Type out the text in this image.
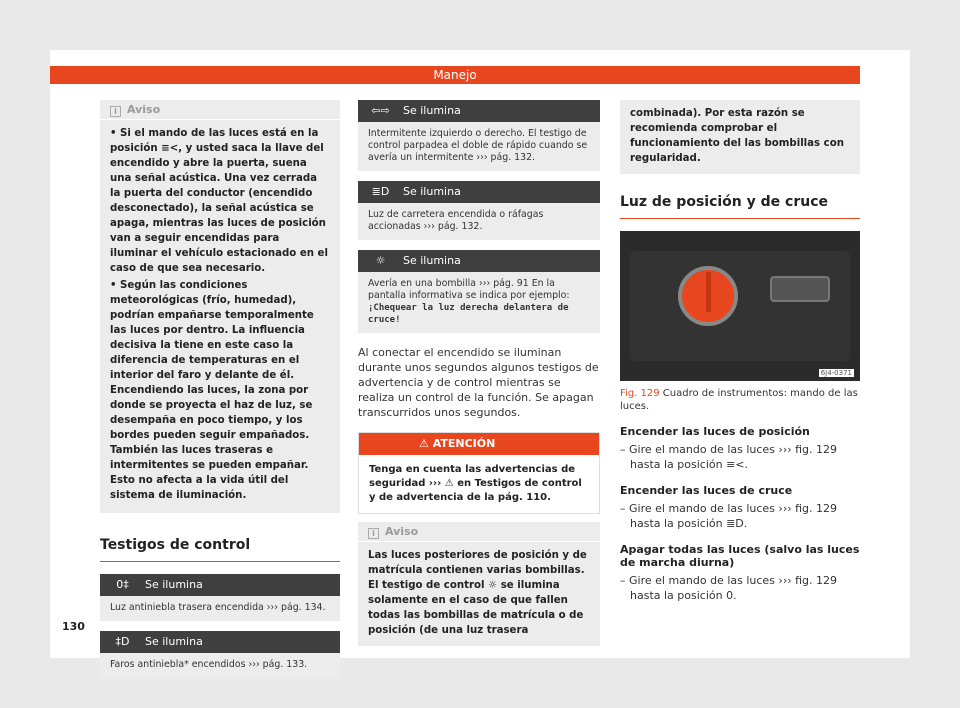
Manejo
i Aviso

• Si el mando de las luces está en la posición ≡<, y usted saca la llave del encendido y abre la puerta, suena una señal acústica. Una vez cerrada la puerta del conductor (encendido desconectado), la señal acústica se apaga, mientras las luces de posición van a seguir encendidas para iluminar el vehículo estacionado en el caso de que sea necesario.

• Según las condiciones meteorológicas (frío, humedad), podrían empañarse temporalmente las luces por dentro. La influencia decisiva la tiene en este caso la diferencia de temperaturas en el interior del faro y delante de él. Encendiendo las luces, la zona por donde se proyecta el haz de luz, se desempaña en poco tiempo, y los bordes pueden seguir empañados. También las luces traseras e intermitentes se pueden empañar. Esto no afecta a la vida útil del sistema de iluminación.

Testigos de control
0‡	Se ilumina
Luz antiniebla trasera encendida ››› pág. 134.
‡D	Se ilumina
Faros antiniebla* encendidos ››› pág. 133.
⇦⇨	Se ilumina
Intermitente izquierdo o derecho. El testigo de control parpadea el doble de rápido cuando se avería un intermitente ››› pág. 132.
≣D	Se ilumina
Luz de carretera encendida o ráfagas accionadas ››› pág. 132.
☼	Se ilumina
Avería en una bombilla ››› pág. 91 En la pantalla informativa se indica por ejemplo:
¡Chequear la luz derecha delantera de cruce!

Al conectar el encendido se iluminan durante unos segundos algunos testigos de advertencia y de control mientras se realiza un control de la función. Se apagan transcurridos unos segundos.

⚠ ATENCIÓN
Tenga en cuenta las advertencias de seguridad ››› ⚠ en Testigos de control y de advertencia de la pág. 110.
i Aviso
Las luces posteriores de posición y de matrícula contienen varias bombillas. El testigo de control ☼ se ilumina solamente en el caso de que fallen todas las bombillas de matrícula o de posición (de una luz trasera
combinada). Por esta razón se recomienda comprobar el funcionamiento del las bombillas con regularidad.
Luz de posición y de cruce
6J4-0371
Fig. 129 Cuadro de instrumentos: mando de las luces.
Encender las luces de posición
– Gire el mando de las luces ››› fig. 129 hasta la posición ≡<.
Encender las luces de cruce
– Gire el mando de las luces ››› fig. 129 hasta la posición ≣D.
Apagar todas las luces (salvo las luces de marcha diurna)
– Gire el mando de las luces ››› fig. 129 hasta la posición 0.
130
